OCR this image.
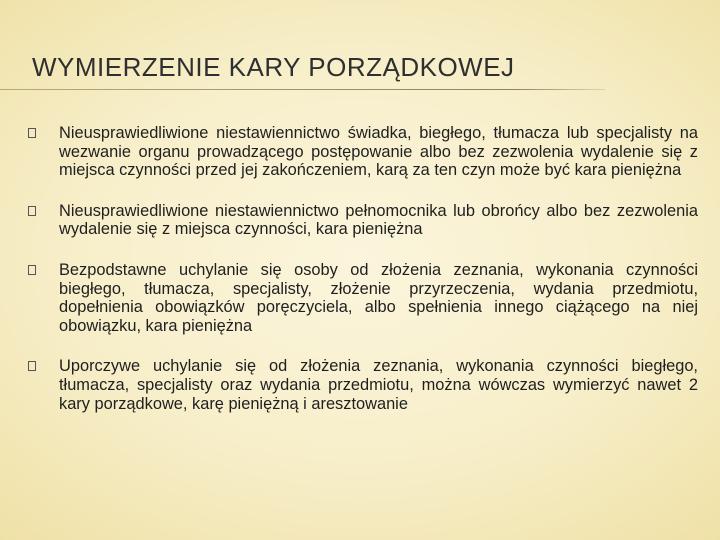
WYMIERZENIE KARY PORZĄDKOWEJ
Nieusprawiedliwione niestawiennictwo świadka, biegłego, tłumacza lub specjalisty na wezwanie organu prowadzącego postępowanie albo bez zezwolenia wydalenie się z miejsca czynności przed jej zakończeniem, karą za ten czyn może być kara pieniężna
Nieusprawiedliwione niestawiennictwo pełnomocnika lub obrońcy albo bez zezwolenia wydalenie się z miejsca czynności, kara pieniężna
Bezpodstawne uchylanie się osoby od złożenia zeznania, wykonania czynności biegłego, tłumacza, specjalisty, złożenie przyrzeczenia, wydania przedmiotu, dopełnienia obowiązków poręczyciela, albo spełnienia innego ciążącego na niej obowiązku, kara pieniężna
Uporczywe uchylanie się od złożenia zeznania, wykonania czynności biegłego, tłumacza, specjalisty oraz wydania przedmiotu, można wówczas wymierzyć nawet 2 kary porządkowe, karę pieniężną i aresztowanie
